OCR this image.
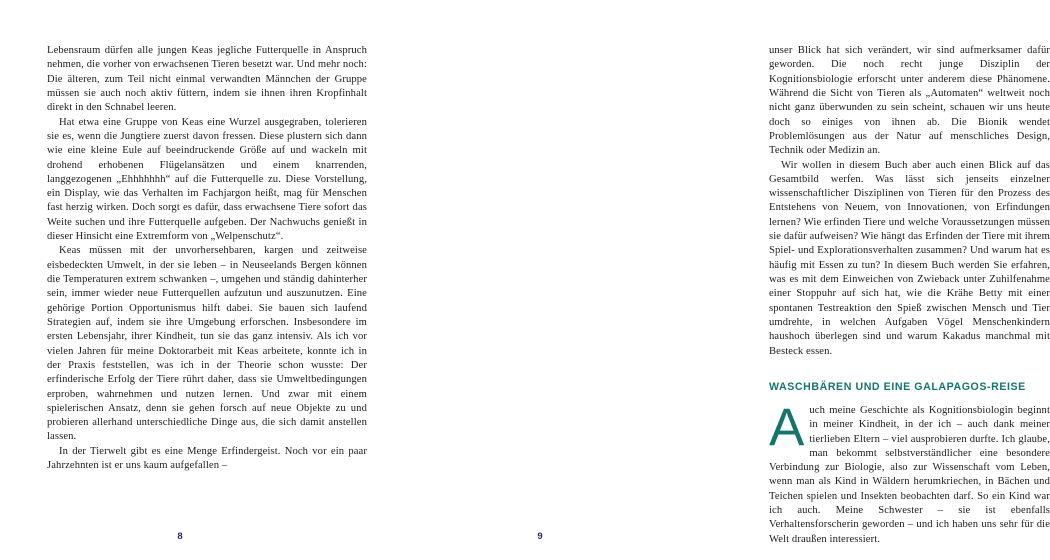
Lebensraum dürfen alle jungen Keas jegliche Futterquelle in Anspruch nehmen, die vorher von erwachsenen Tieren besetzt war. Und mehr noch: Die älteren, zum Teil nicht einmal verwandten Männchen der Gruppe müssen sie auch noch aktiv füttern, indem sie ihnen ihren Kropfinhalt direkt in den Schnabel leeren.

Hat etwa eine Gruppe von Keas eine Wurzel ausgegraben, tolerieren sie es, wenn die Jungtiere zuerst davon fressen. Diese plustern sich dann wie eine kleine Eule auf beeindruckende Größe auf und wackeln mit drohend erhobenen Flügelansätzen und einem knarrenden, langgezogenen „Ehhhhhhh“ auf die Futterquelle zu. Diese Vorstellung, ein Display, wie das Verhalten im Fachjargon heißt, mag für Menschen fast herzig wirken. Doch sorgt es dafür, dass erwachsene Tiere sofort das Weite suchen und ihre Futterquelle aufgeben. Der Nachwuchs genießt in dieser Hinsicht eine Extremform von „Welpenschutz“.

Keas müssen mit der unvorhersehbaren, kargen und zeitweise eisbedeckten Umwelt, in der sie leben – in Neuseelands Bergen können die Temperaturen extrem schwanken –, umgehen und ständig dahinterher sein, immer wieder neue Futterquellen aufzutun und auszunutzen. Eine gehörige Portion Opportunismus hilft dabei. Sie bauen sich laufend Strategien auf, indem sie ihre Umgebung erforschen. Insbesondere im ersten Lebensjahr, ihrer Kindheit, tun sie das ganz intensiv. Als ich vor vielen Jahren für meine Doktorarbeit mit Keas arbeitete, konnte ich in der Praxis feststellen, was ich in der Theorie schon wusste: Der erfinderische Erfolg der Tiere rührt daher, dass sie Umweltbedingungen erproben, wahrnehmen und nutzen lernen. Und zwar mit einem spielerischen Ansatz, denn sie gehen forsch auf neue Objekte zu und probieren allerhand unterschiedliche Dinge aus, die sich damit anstellen lassen.

In der Tierwelt gibt es eine Menge Erfindergeist. Noch vor ein paar Jahrzehnten ist er uns kaum aufgefallen –

8

unser Blick hat sich verändert, wir sind aufmerksamer dafür geworden. Die noch recht junge Disziplin der Kognitionsbiologie erforscht unter anderem diese Phänomene. Während die Sicht von Tieren als „Automaten“ weltweit noch nicht ganz überwunden zu sein scheint, schauen wir uns heute doch so einiges von ihnen ab. Die Bionik wendet Problemlösungen aus der Natur auf menschliches Design, Technik oder Medizin an.

Wir wollen in diesem Buch aber auch einen Blick auf das Gesamtbild werfen. Was lässt sich jenseits einzelner wissenschaftlicher Disziplinen von Tieren für den Prozess des Entstehens von Neuem, von Innovationen, von Erfindungen lernen? Wie erfinden Tiere und welche Voraussetzungen müssen sie dafür aufweisen? Wie hängt das Erfinden der Tiere mit ihrem Spiel- und Explorationsverhalten zusammen? Und warum hat es häufig mit Essen zu tun? In diesem Buch werden Sie erfahren, was es mit dem Einweichen von Zwieback unter Zuhilfenahme einer Stoppuhr auf sich hat, wie die Krähe Betty mit einer spontanen Testreaktion den Spieß zwischen Mensch und Tier umdrehte, in welchen Aufgaben Vögel Menschenkindern haushoch überlegen sind und warum Kakadus manchmal mit Besteck essen.

WASCHBÄREN UND EINE GALAPAGOS-REISE
A uch meine Geschichte als Kognitionsbiologin beginnt in meiner Kindheit, in der ich – auch dank meiner tierlieben Eltern – viel ausprobieren durfte. Ich glaube, man bekommt selbstverständlicher eine besondere Verbindung zur Biologie, also zur Wissenschaft vom Leben, wenn man als Kind in Wäldern herumkriechen, in Bächen und Teichen spielen und Insekten beobachten darf. So ein Kind war ich auch. Meine Schwester – sie ist ebenfalls Verhaltensforscherin geworden – und ich haben uns sehr für die Welt draußen interessiert.

9
